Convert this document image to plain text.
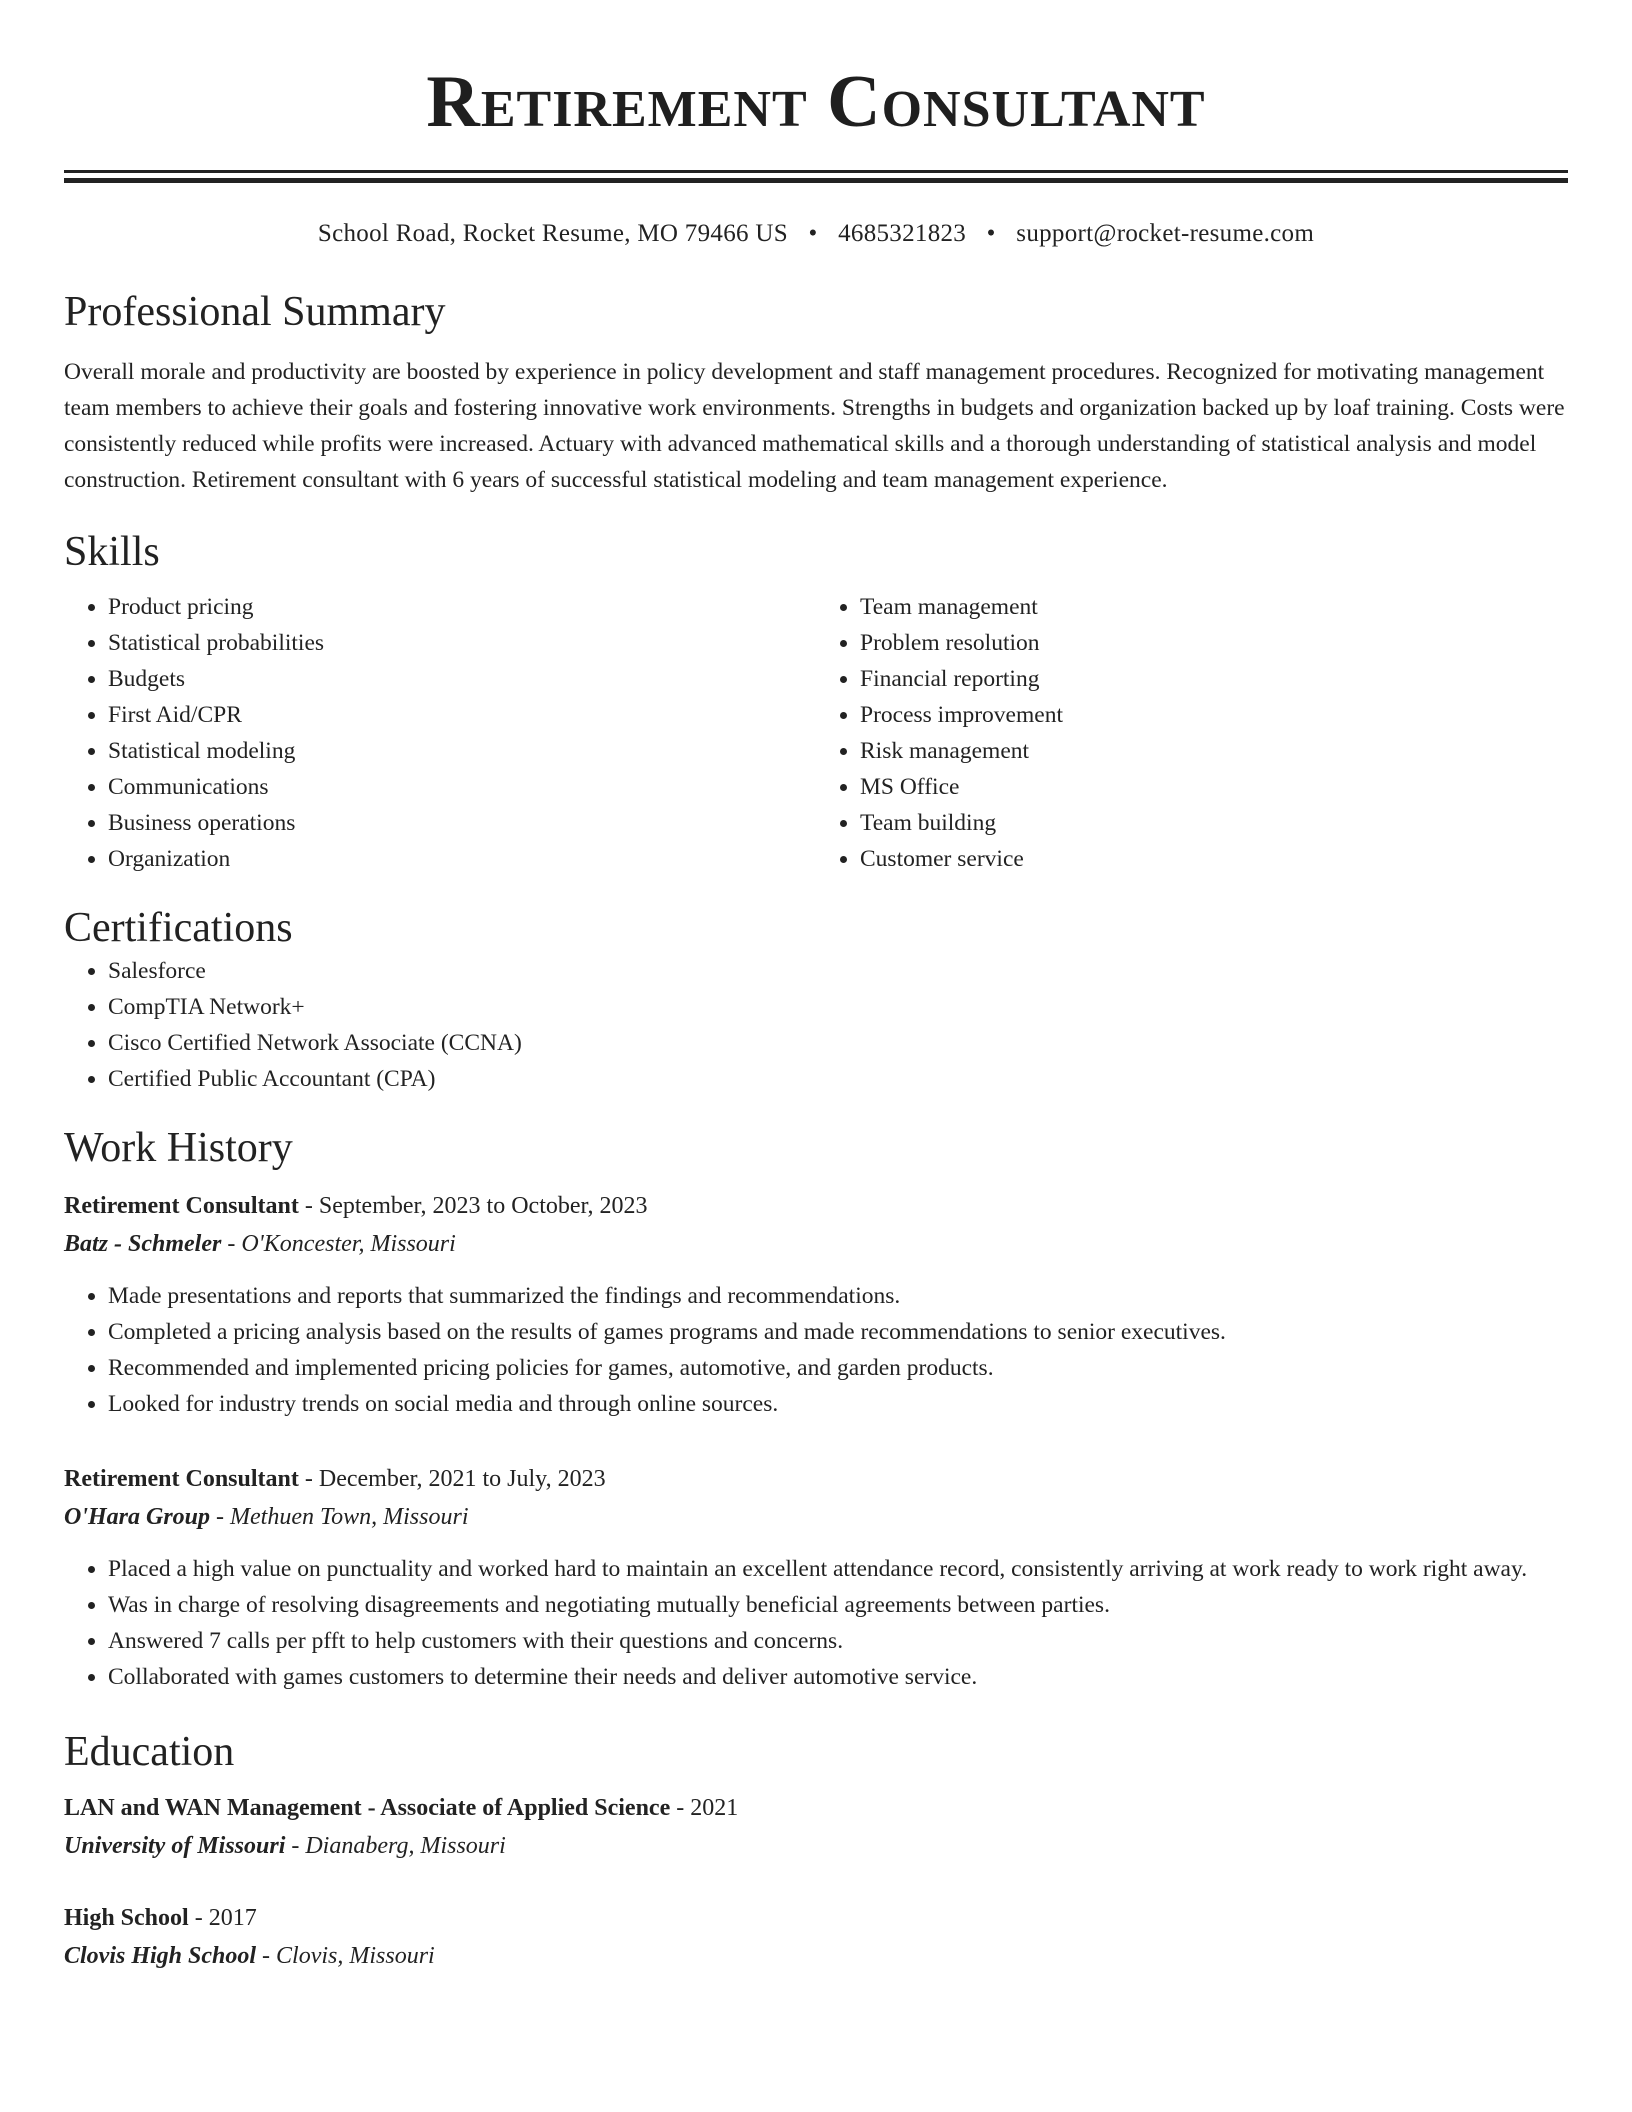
Retirement Consultant
School Road, Rocket Resume, MO 79466 US • 4685321823 • support@rocket-resume.com
Professional Summary

Overall morale and productivity are boosted by experience in policy development and staff management procedures. Recognized for motivating management team members to achieve their goals and fostering innovative work environments. Strengths in budgets and organization backed up by loaf training. Costs were consistently reduced while profits were increased. Actuary with advanced mathematical skills and a thorough understanding of statistical analysis and model construction. Retirement consultant with 6 years of successful statistical modeling and team management experience.

Skills
• Product pricing
• Statistical probabilities
• Budgets
• First Aid/CPR
• Statistical modeling
• Communications
• Business operations
• Organization
• Team management
• Problem resolution
• Financial reporting
• Process improvement
• Risk management
• MS Office
• Team building
• Customer service
Certifications
• Salesforce
• CompTIA Network+
• Cisco Certified Network Associate (CCNA)
• Certified Public Accountant (CPA)
Work History
Retirement Consultant - September, 2023 to October, 2023
Batz - Schmeler - O'Koncester, Missouri
• Made presentations and reports that summarized the findings and recommendations.
• Completed a pricing analysis based on the results of games programs and made recommendations to senior executives.
• Recommended and implemented pricing policies for games, automotive, and garden products.
• Looked for industry trends on social media and through online sources.
Retirement Consultant - December, 2021 to July, 2023
O'Hara Group - Methuen Town, Missouri
• Placed a high value on punctuality and worked hard to maintain an excellent attendance record, consistently arriving at work ready to work right away.
• Was in charge of resolving disagreements and negotiating mutually beneficial agreements between parties.
• Answered 7 calls per pfft to help customers with their questions and concerns.
• Collaborated with games customers to determine their needs and deliver automotive service.
Education
LAN and WAN Management - Associate of Applied Science - 2021
University of Missouri - Dianaberg, Missouri
High School - 2017
Clovis High School - Clovis, Missouri
